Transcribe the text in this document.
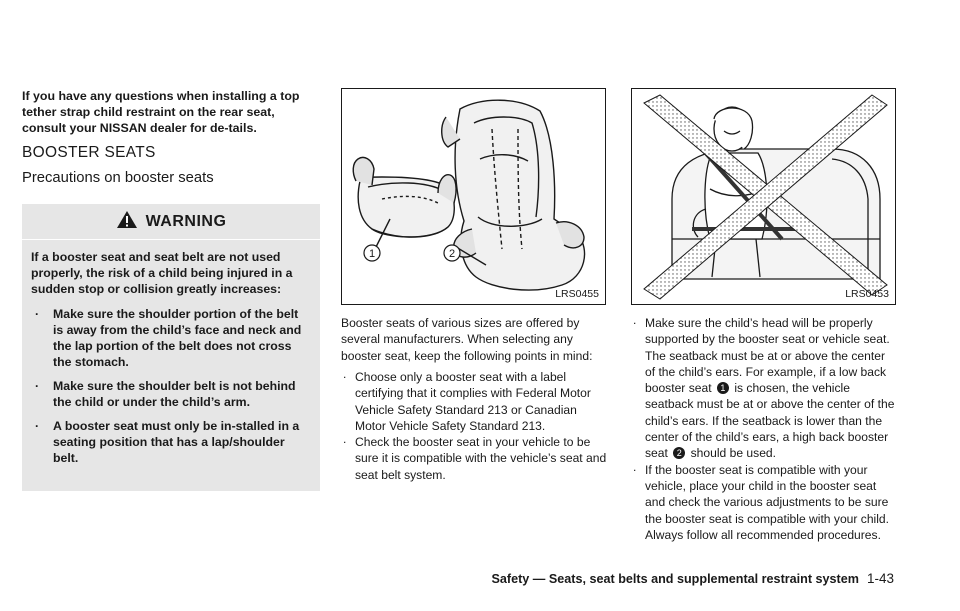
If you have any questions when installing a top tether strap child restraint on the rear seat, consult your NISSAN dealer for de-tails.

BOOSTER SEATS
Precautions on booster seats
WARNING

If a booster seat and seat belt are not used properly, the risk of a child being injured in a sudden stop or collision greatly increases:

. Make sure the shoulder portion of the belt is away from the child’s face and neck and the lap portion of the belt does not cross the stomach.
. Make sure the shoulder belt is not behind the child or under the child’s arm.
. A booster seat must only be in-stalled in a seating position that has a lap/shoulder belt.
1	2
LRS0455

Booster seats of various sizes are offered by several manufacturers. When selecting any booster seat, keep the following points in mind:

. Choose only a booster seat with a label certifying that it complies with Federal Motor Vehicle Safety Standard 213 or Canadian Motor Vehicle Safety Standard 213.
. Check the booster seat in your vehicle to be sure it is compatible with the vehicle’s seat and seat belt system.
LRS0453
. Make sure the child’s head will be properly supported by the booster seat or vehicle seat. The seatback must be at or above the center of the child’s ears. For example, if a low back booster seat 1 is chosen, the vehicle seatback must be at or above the center of the child’s ears. If the seatback is lower than the center of the child’s ears, a high back booster seat 2 should be used.
. If the booster seat is compatible with your vehicle, place your child in the booster seat and check the various adjustments to be sure the booster seat is compatible with your child. Always follow all recommended procedures.
Safety — Seats, seat belts and supplemental restraint system 1-43
